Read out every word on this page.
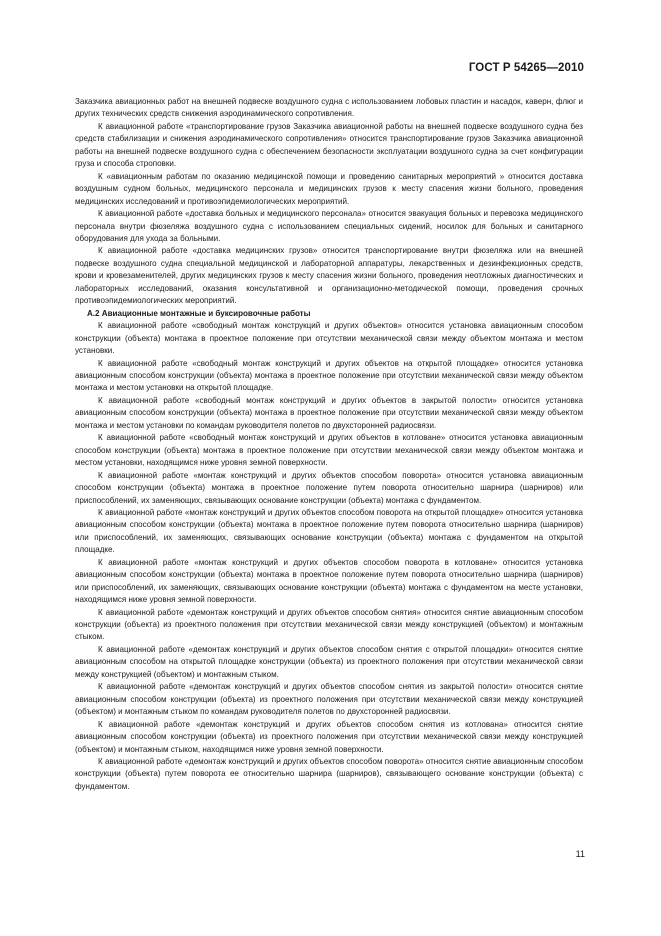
ГОСТ Р 54265—2010

Заказчика авиационных работ на внешней подвеске воздушного судна с использованием лобовых пластин и насадок, каверн, флюг и других технических средств снижения аэродинамического сопротивления.

К авиационной работе «транспортирование грузов Заказчика авиационной работы на внешней подвеске воздушного судна без средств стабилизации и снижения аэродинамического сопротивления» относится транспортирование грузов Заказчика авиационной работы на внешней подвеске воздушного судна с обеспечением безопасности эксплуатации воздушного судна за счет конфигурации груза и способа строповки.

К «авиационным работам по оказанию медицинской помощи и проведению санитарных мероприятий » относится доставка воздушным судном больных, медицинского персонала и медицинских грузов к месту спасения жизни больного, проведения медицинских исследований и противоэпидемиологических мероприятий.

К авиационной работе «доставка больных и медицинского персонала» относится эвакуация больных и перевозка медицинского персонала внутри фюзеляжа воздушного судна с использованием специальных сидений, носилок для больных и санитарного оборудования для ухода за больными.

К авиационной работе «доставка медицинских грузов» относится транспортирование внутри фюзеляжа или на внешней подвеске воздушного судна специальной медицинской и лабораторной аппаратуры, лекарственных и дезинфекционных средств, крови и кровезаменителей, других медицинских грузов к месту спасения жизни больного, проведения неотложных диагностических и лабораторных исследований, оказания консультативной и организационно-методической помощи, проведения срочных противоэпидемиологических мероприятий.

А.2 Авиационные монтажные и буксировочные работы

К авиационной работе «свободный монтаж конструкций и других объектов» относится установка авиационным способом конструкции (объекта) монтажа в проектное положение при отсутствии механической связи между объектом монтажа и местом установки.

К авиационной работе «свободный монтаж конструкций и других объектов на открытой площадке» относится установка авиационным способом конструкции (объекта) монтажа в проектное положение при отсутствии механической связи между объектом монтажа и местом установки на открытой площадке.

К авиационной работе «свободный монтаж конструкций и других объектов в закрытой полости» относится установка авиационным способом конструкции (объекта) монтажа в проектное положение при отсутствии механической связи между объектом монтажа и местом установки по командам руководителя полетов по двухсторонней радиосвязи.

К авиационной работе «свободный монтаж конструкций и других объектов в котловане» относится установка авиационным способом конструкции (объекта) монтажа в проектное положение при отсутствии механической связи между объектом монтажа и местом установки, находящимся ниже уровня земной поверхности.

К авиационной работе «монтаж конструкций и других объектов способом поворота» относится установка авиационным способом конструкции (объекта) монтажа в проектное положение путем поворота относительно шарнира (шарниров) или приспособлений, их заменяющих, связывающих основание конструкции (объекта) монтажа с фундаментом.

К авиационной работе «монтаж конструкций и других объектов способом поворота на открытой площадке» относится установка авиационным способом конструкции (объекта) монтажа в проектное положение путем поворота относительно шарнира (шарниров) или приспособлений, их заменяющих, связывающих основание конструкции (объекта) монтажа с фундаментом на открытой площадке.

К авиационной работе «монтаж конструкций и других объектов способом поворота в котловане» относится установка авиационным способом конструкции (объекта) монтажа в проектное положение путем поворота относительно шарнира (шарниров) или приспособлений, их заменяющих, связывающих основание конструкции (объекта) монтажа с фундаментом на месте установки, находящимся ниже уровня земной поверхности.

К авиационной работе «демонтаж конструкций и других объектов способом снятия» относится снятие авиационным способом конструкции (объекта) из проектного положения при отсутствии механической связи между конструкцией (объектом) и монтажным стыком.

К авиационной работе «демонтаж конструкций и других объектов способом снятия с открытой площадки» относится снятие авиационным способом на открытой площадке конструкции (объекта) из проектного положения при отсутствии механической связи между конструкцией (объектом) и монтажным стыком.

К авиационной работе «демонтаж конструкций и других объектов способом снятия из закрытой полости» относится снятие авиационным способом конструкции (объекта) из проектного положения при отсутствии механической связи между конструкцией (объектом) и монтажным стыком по командам руководителя полетов по двухсторонней радиосвязи.

К авиационной работе «демонтаж конструкций и других объектов способом снятия из котлована» относится снятие авиационным способом конструкции (объекта) из проектного положения при отсутствии механической связи между конструкцией (объектом) и монтажным стыком, находящимся ниже уровня земной поверхности.

К авиационной работе «демонтаж конструкций и других объектов способом поворота» относится снятие авиационным способом конструкции (объекта) путем поворота ее относительно шарнира (шарниров), связывающего основание конструкции (объекта) с фундаментом.

11
